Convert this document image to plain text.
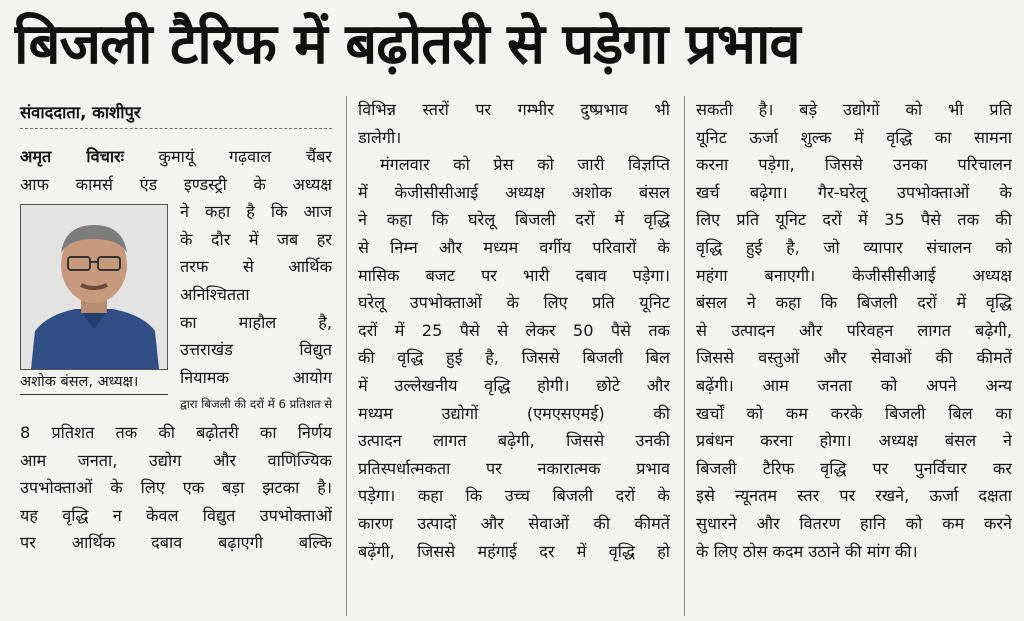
बिजली टैरिफ में बढ़ोतरी से पड़ेगा प्रभाव
संवाददाता, काशीपुर
अमृत विचारः कुमायूं गढ़वाल चैंबर
आफ कामर्स एंड इण्डस्ट्री के अध्यक्ष
अशोक बंसल, अध्यक्ष।
ने कहा है कि आज
के दौर में जब हर
तरफ से आर्थिक
अनिश्चितता
का माहौल है,
उत्तराखंड विद्युत
नियामक आयोग
द्वारा बिजली की दरों में 6 प्रतिशत से
8 प्रतिशत तक की बढ़ोतरी का निर्णय
आम जनता, उद्योग और वाणिज्यिक
उपभोक्ताओं के लिए एक बड़ा झटका है।
यह वृद्धि न केवल विद्युत उपभोक्ताओं
पर आर्थिक दबाव बढ़ाएगी बल्कि
विभिन्न स्तरों पर गम्भीर दुष्प्रभाव भी
डालेगी।
मंगलवार को प्रेस को जारी विज्ञप्ति
में केजीसीसीआई अध्यक्ष अशोक बंसल
ने कहा कि घरेलू बिजली दरों में वृद्धि
से निम्न और मध्यम वर्गीय परिवारों के
मासिक बजट पर भारी दबाव पड़ेगा।
घरेलू उपभोक्ताओं के लिए प्रति यूनिट
दरों में 25 पैसे से लेकर 50 पैसे तक
की वृद्धि हुई है, जिससे बिजली बिल
में उल्लेखनीय वृद्धि होगी। छोटे और
मध्यम उद्योगों (एमएसएमई) की
उत्पादन लागत बढ़ेगी, जिससे उनकी
प्रतिस्पर्धात्मकता पर नकारात्मक प्रभाव
पड़ेगा। कहा कि उच्च बिजली दरों के
कारण उत्पादों और सेवाओं की कीमतें
बढ़ेंगी, जिससे महंगाई दर में वृद्धि हो
सकती है। बड़े उद्योगों को भी प्रति
यूनिट ऊर्जा शुल्क में वृद्धि का सामना
करना पड़ेगा, जिससे उनका परिचालन
खर्च बढ़ेगा। गैर-घरेलू उपभोक्ताओं के
लिए प्रति यूनिट दरों में 35 पैसे तक की
वृद्धि हुई है, जो व्यापार संचालन को
महंगा बनाएगी। केजीसीसीआई अध्यक्ष
बंसल ने कहा कि बिजली दरों में वृद्धि
से उत्पादन और परिवहन लागत बढ़ेगी,
जिससे वस्तुओं और सेवाओं की कीमतें
बढ़ेंगी। आम जनता को अपने अन्य
खर्चों को कम करके बिजली बिल का
प्रबंधन करना होगा। अध्यक्ष बंसल ने
बिजली टैरिफ वृद्धि पर पुनर्विचार कर
इसे न्यूनतम स्तर पर रखने, ऊर्जा दक्षता
सुधारने और वितरण हानि को कम करने
के लिए ठोस कदम उठाने की मांग की।
